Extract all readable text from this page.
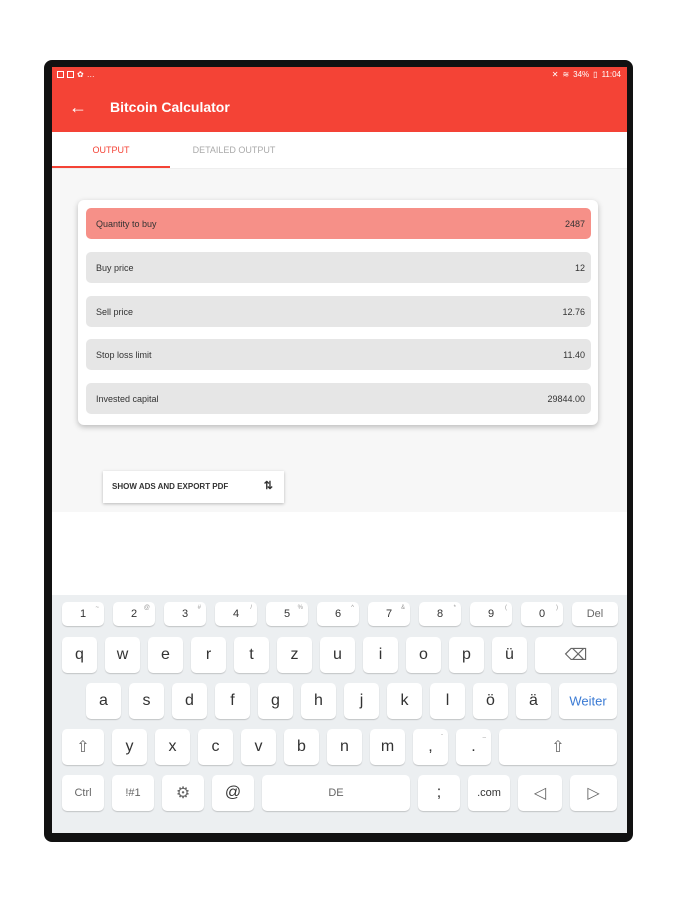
✿ …	✕ ≋ 34% ▯ 11:04
← Bitcoin Calculator
OUTPUT	DETAILED OUTPUT
Quantity to buy	2487
Buy price	12
Sell price	12.76
Stop loss limit	11.40
Invested capital	29844.00
SHOW ADS AND EXPORT PDF	⇅
1	~	2	@	3	#	4	/	5	%	6	^	7	&	8	*	9	(	0	)	Del
q	w	e	r	t	z	u	i	o	p	ü	⌫
a	s	d	f	g	h	j	k	l	ö	ä	Weiter
⇧	y	x	c	v	b	n	m	,
-
.
_
⇧
Ctrl	!#1	⚙	@	DE	;	.com	◁	▷
